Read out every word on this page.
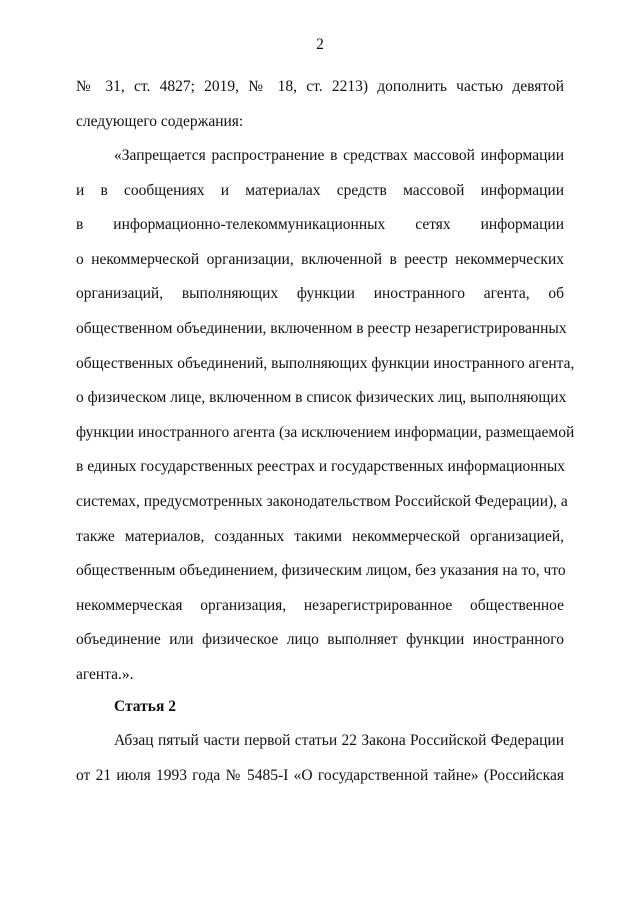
2
№ 31, ст. 4827; 2019, № 18, ст. 2213) дополнить частью девятой
следующего содержания:
«Запрещается распространение в средствах массовой информации
и в сообщениях и материалах средств массовой информации
в информационно-телекоммуникационных сетях информации
о некоммерческой организации, включенной в реестр некоммерческих
организаций, выполняющих функции иностранного агента, об
общественном объединении, включенном в реестр незарегистрированных
общественных объединений, выполняющих функции иностранного агента,
о физическом лице, включенном в список физических лиц, выполняющих
функции иностранного агента (за исключением информации, размещаемой
в единых государственных реестрах и государственных информационных
системах, предусмотренных законодательством Российской Федерации), а
также материалов, созданных такими некоммерческой организацией,
общественным объединением, физическим лицом, без указания на то, что
некоммерческая организация, незарегистрированное общественное
объединение или физическое лицо выполняет функции иностранного
агента.».
Статья 2
Абзац пятый части первой статьи 22 Закона Российской Федерации
от 21 июля 1993 года № 5485-I «О государственной тайне» (Российская
